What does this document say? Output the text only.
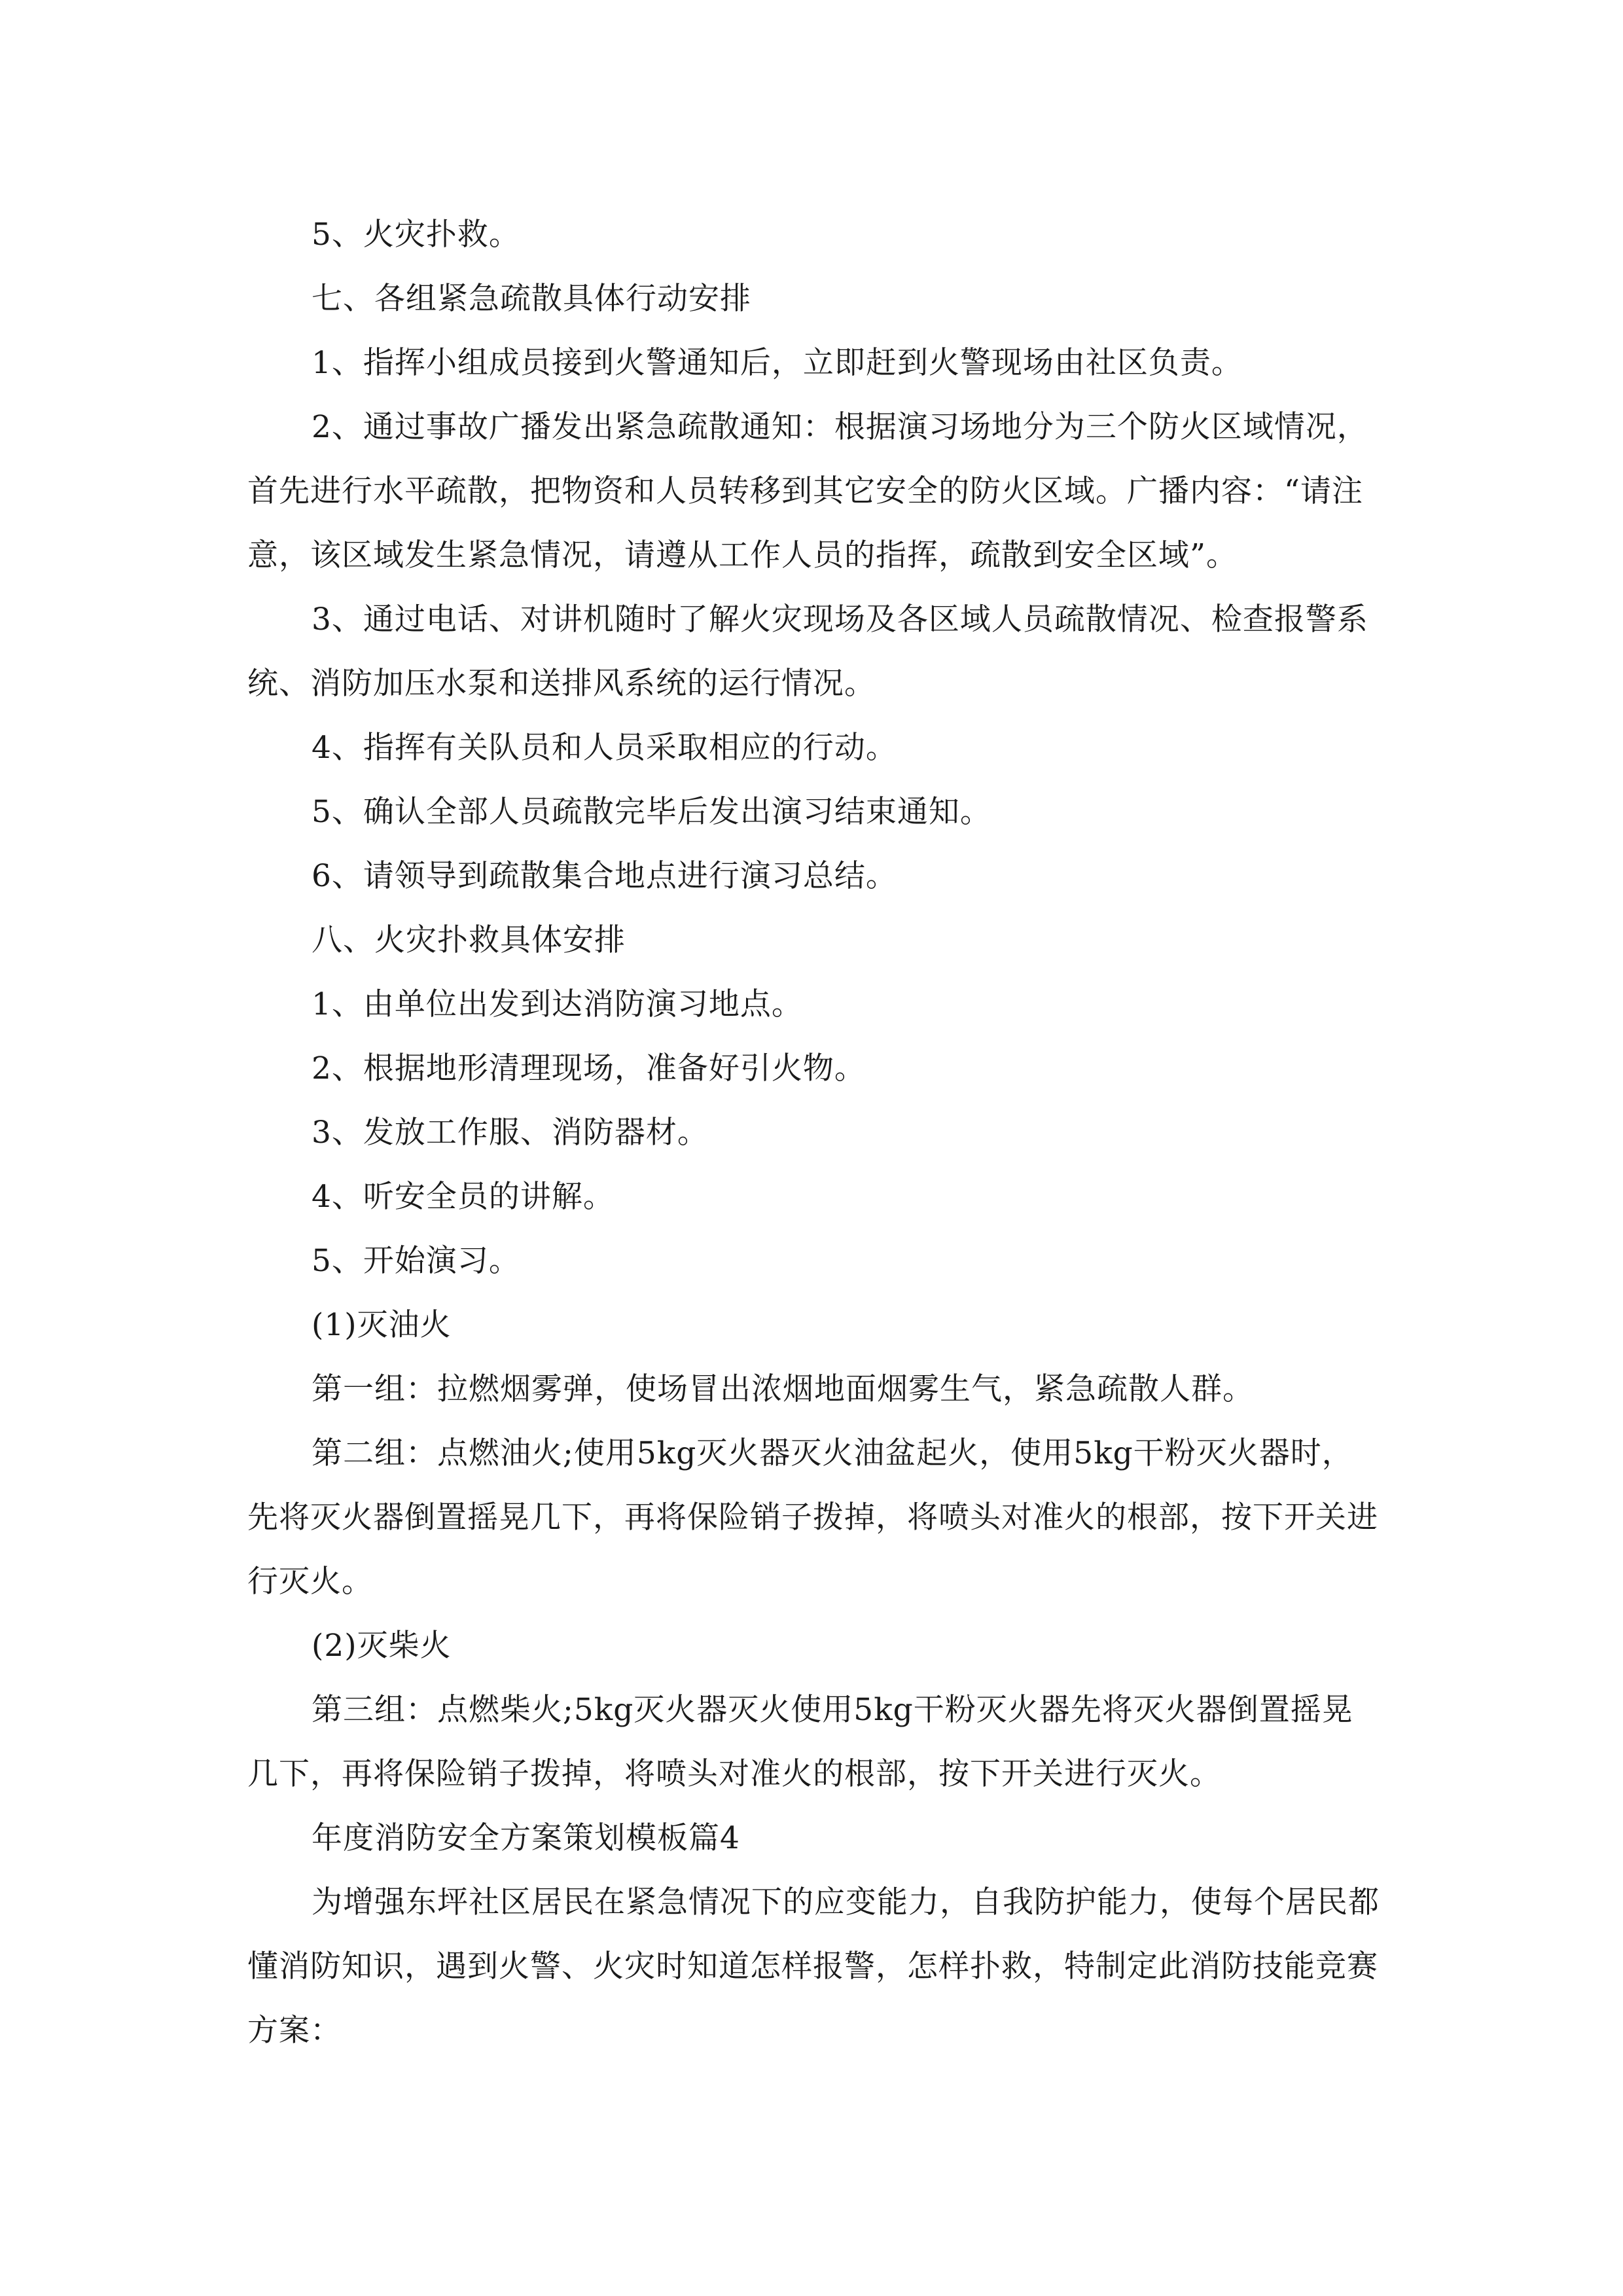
5、火灾扑救。

七、各组紧急疏散具体行动安排

1、指挥小组成员接到火警通知后，立即赶到火警现场由社区负责。

2、通过事故广播发出紧急疏散通知：根据演习场地分为三个防火区域情况，首先进行水平疏散，把物资和人员转移到其它安全的防火区域。广播内容：“请注意，该区域发生紧急情况，请遵从工作人员的指挥，疏散到安全区域”。

3、通过电话、对讲机随时了解火灾现场及各区域人员疏散情况、检查报警系统、消防加压水泵和送排风系统的运行情况。

4、指挥有关队员和人员采取相应的行动。

5、确认全部人员疏散完毕后发出演习结束通知。

6、请领导到疏散集合地点进行演习总结。

八、火灾扑救具体安排

1、由单位出发到达消防演习地点。

2、根据地形清理现场，准备好引火物。

3、发放工作服、消防器材。

4、听安全员的讲解。

5、开始演习。

(1)灭油火

第一组：拉燃烟雾弹，使场冒出浓烟地面烟雾生气，紧急疏散人群。

第二组：点燃油火;使用5kg灭火器灭火油盆起火，使用5kg干粉灭火器时，先将灭火器倒置摇晃几下，再将保险销子拨掉，将喷头对准火的根部，按下开关进行灭火。

(2)灭柴火

第三组：点燃柴火;5kg灭火器灭火使用5kg干粉灭火器先将灭火器倒置摇晃几下，再将保险销子拨掉，将喷头对准火的根部，按下开关进行灭火。

年度消防安全方案策划模板篇4

为增强东坪社区居民在紧急情况下的应变能力，自我防护能力，使每个居民都懂消防知识，遇到火警、火灾时知道怎样报警，怎样扑救，特制定此消防技能竞赛方案：
